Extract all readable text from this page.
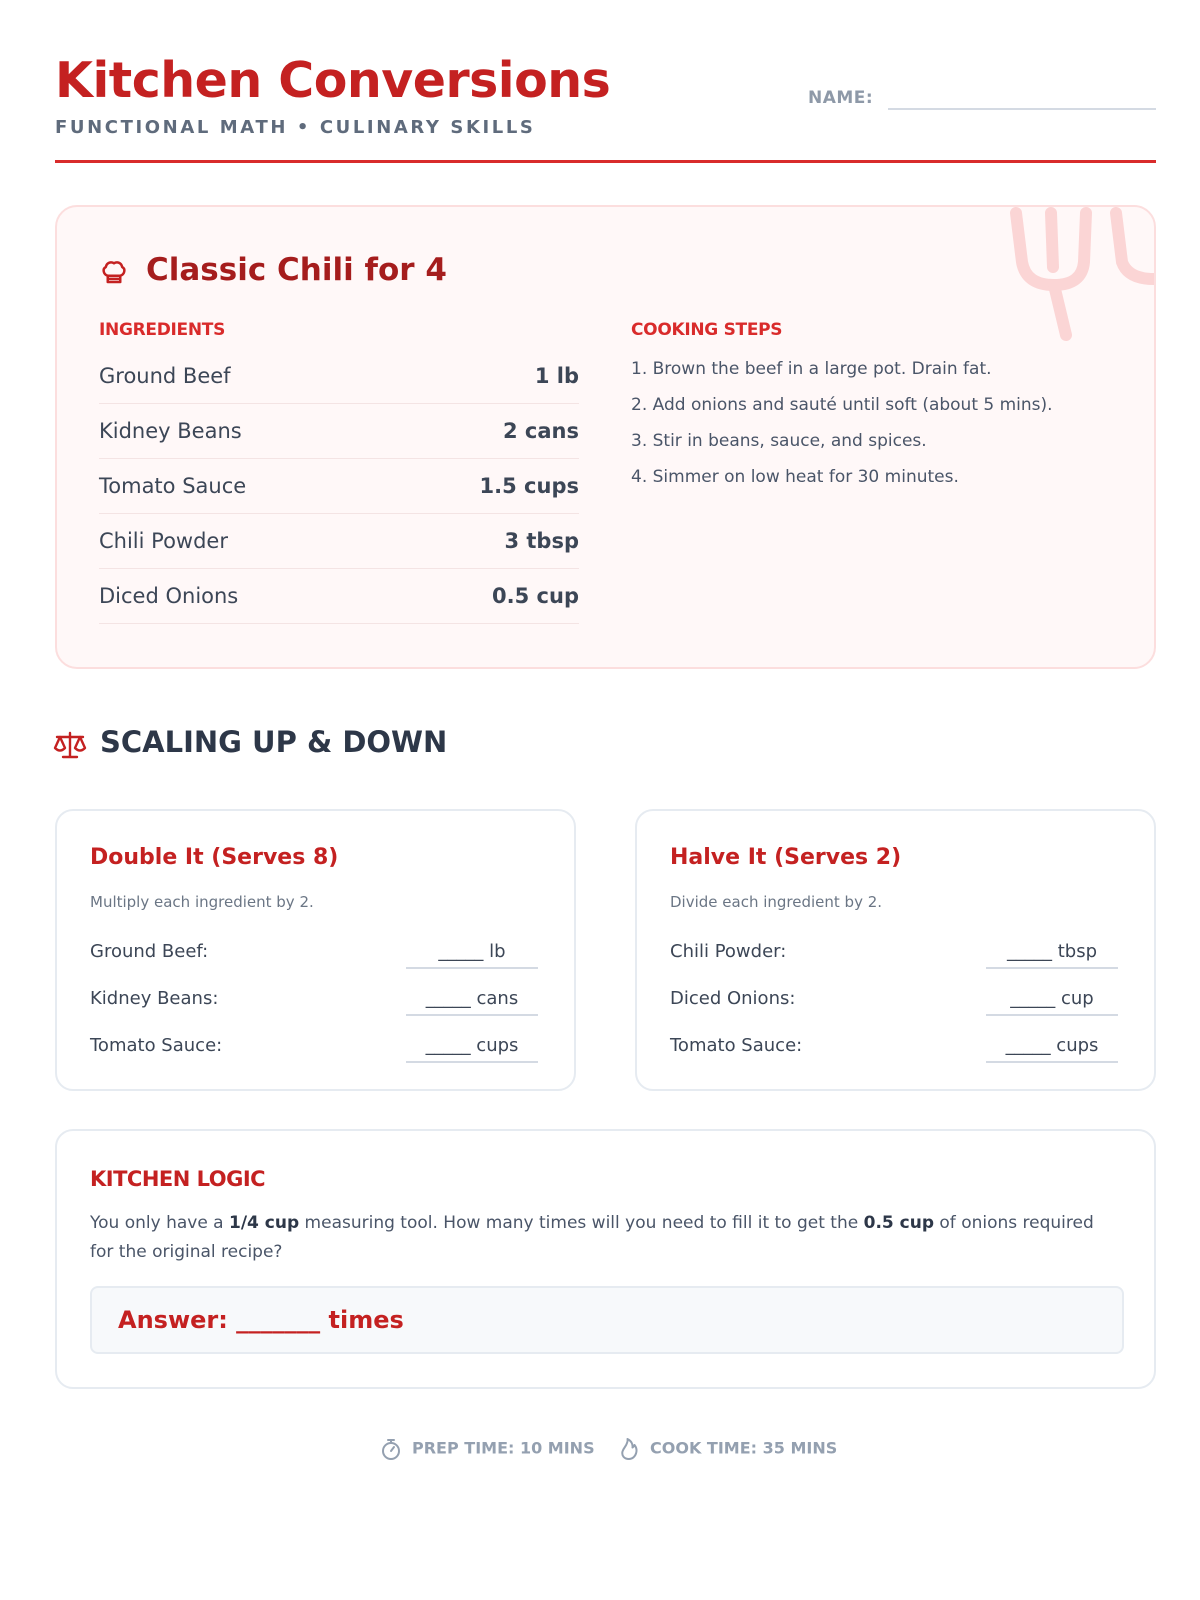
Kitchen Conversions
FUNCTIONAL MATH • CULINARY SKILLS
NAME:
Classic Chili for 4
INGREDIENTS
Ground Beef	1 lb
Kidney Beans	2 cans
Tomato Sauce	1.5 cups
Chili Powder	3 tbsp
Diced Onions	0.5 cup
COOKING STEPS
1. Brown the beef in a large pot. Drain fat.
2. Add onions and sauté until soft (about 5 mins).
3. Stir in beans, sauce, and spices.
4. Simmer on low heat for 30 minutes.
SCALING UP & DOWN
Double It (Serves 8)
Multiply each ingredient by 2.
Ground Beef:	_____ lb
Kidney Beans:	_____ cans
Tomato Sauce:	_____ cups
Halve It (Serves 2)
Divide each ingredient by 2.
Chili Powder:	_____ tbsp
Diced Onions:	_____ cup
Tomato Sauce:	_____ cups
KITCHEN LOGIC
You only have a 1/4 cup measuring tool. How many times will you need to fill it to get the 0.5 cup of onions required for the original recipe?
Answer: _______ times
PREP TIME: 10 MINS	COOK TIME: 35 MINS
